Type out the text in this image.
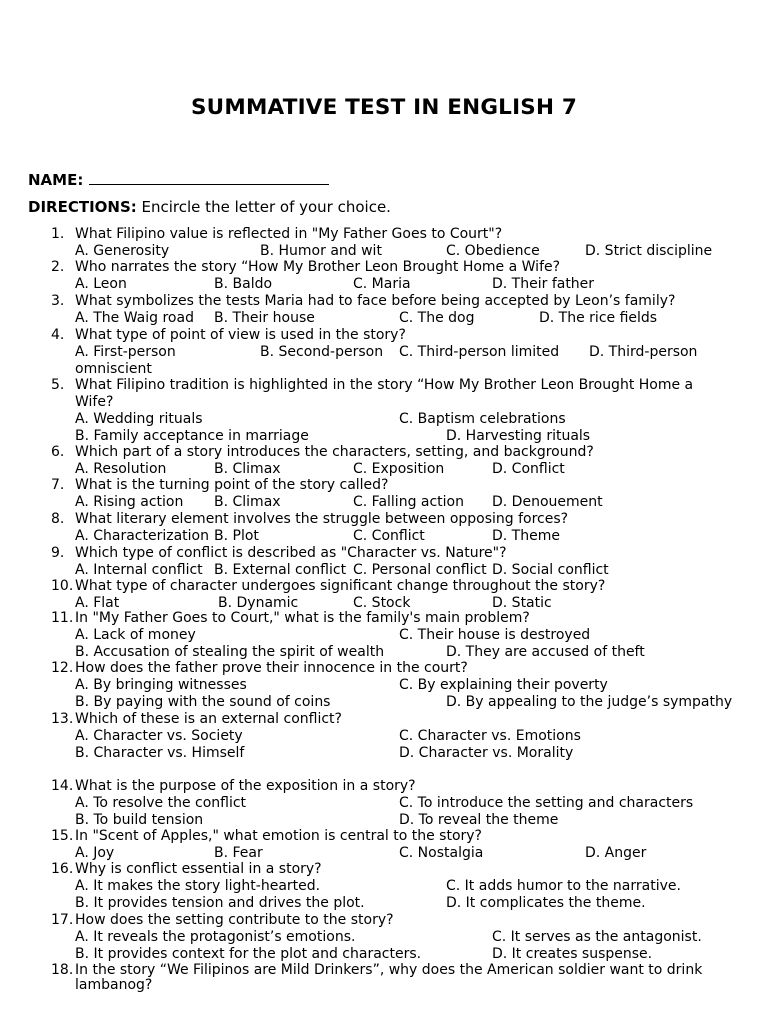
SUMMATIVE TEST IN ENGLISH 7
NAME:
DIRECTIONS: Encircle the letter of your choice.
1. What Filipino value is reflected in "My Father Goes to Court"?
A. Generosity	B. Humor and wit	C. Obedience	D. Strict discipline
2. Who narrates the story “How My Brother Leon Brought Home a Wife?
A. Leon	B. Baldo	C. Maria	D. Their father
3. What symbolizes the tests Maria had to face before being accepted by Leon’s family?
A. The Waig road B. Their house	C. The dog	D. The rice fields
4. What type of point of view is used in the story?
A. First-person	B. Second-person C. Third-person limited D. Third-person
omniscient
5. What Filipino tradition is highlighted in the story “How My Brother Leon Brought Home a
Wife?
A. Wedding rituals	C. Baptism celebrations
B. Family acceptance in marriage	D. Harvesting rituals
6. Which part of a story introduces the characters, setting, and background?
A. Resolution	B. Climax	C. Exposition	D. Conflict
7. What is the turning point of the story called?
A. Rising action B. Climax	C. Falling action D. Denouement
8. What literary element involves the struggle between opposing forces?
A. Characterization B. Plot	C. Conflict	D. Theme
9. Which type of conflict is described as "Character vs. Nature"?
A. Internal conflict B. External conflict C. Personal conflict D. Social conflict
10. What type of character undergoes significant change throughout the story?
A. Flat	B. Dynamic	C. Stock	D. Static
11. In "My Father Goes to Court," what is the family's main problem?
A. Lack of money	C. Their house is destroyed
B. Accusation of stealing the spirit of wealth	D. They are accused of theft
12. How does the father prove their innocence in the court?
A. By bringing witnesses	C. By explaining their poverty
B. By paying with the sound of coins	D. By appealing to the judge’s sympathy
13. Which of these is an external conflict?
A. Character vs. Society	C. Character vs. Emotions
B. Character vs. Himself	D. Character vs. Morality
14. What is the purpose of the exposition in a story?
A. To resolve the conflict	C. To introduce the setting and characters
B. To build tension	D. To reveal the theme
15. In "Scent of Apples," what emotion is central to the story?
A. Joy	B. Fear	C. Nostalgia	D. Anger
16. Why is conflict essential in a story?
A. It makes the story light-hearted.	C. It adds humor to the narrative.
B. It provides tension and drives the plot.	D. It complicates the theme.
17. How does the setting contribute to the story?
A. It reveals the protagonist’s emotions.	C. It serves as the antagonist.
B. It provides context for the plot and characters.	D. It creates suspense.
18. In the story “We Filipinos are Mild Drinkers”, why does the American soldier want to drink
lambanog?
